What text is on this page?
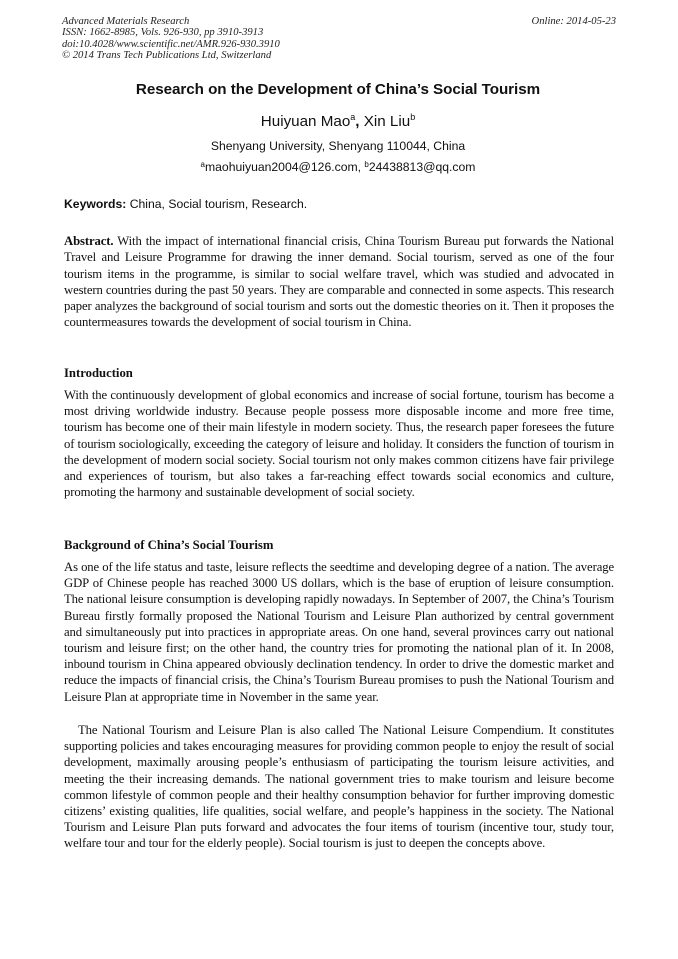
Advanced Materials Research	Online: 2014-05-23
ISSN: 1662-8985, Vols. 926-930, pp 3910-3913
doi:10.4028/www.scientific.net/AMR.926-930.3910
© 2014 Trans Tech Publications Ltd, Switzerland
Research on the Development of China’s Social Tourism
Huiyuan Mao$^a$, Xin Liu$^b$
Shenyang University, Shenyang 110044, China
$^a$maohuiyuan2004@126.com, $^b$24438813@qq.com
Keywords: China, Social tourism, Research.
Abstract. With the impact of international financial crisis, China Tourism Bureau put forwards the National Travel and Leisure Programme for drawing the inner demand. Social tourism, served as one of the four tourism items in the programme, is similar to social welfare travel, which was studied and advocated in western countries during the past 50 years. They are comparable and connected in some aspects. This research paper analyzes the background of social tourism and sorts out the domestic theories on it. Then it proposes the countermeasures towards the development of social tourism in China.
Introduction

With the continuously development of global economics and increase of social fortune, tourism has become a most driving worldwide industry. Because people possess more disposable income and more free time, tourism has become one of their main lifestyle in modern society. Thus, the research paper foresees the future of tourism sociologically, exceeding the category of leisure and holiday. It considers the function of tourism in the development of modern social society. Social tourism not only makes common citizens have fair privilege and experiences of tourism, but also takes a far-reaching effect towards social economics and culture, promoting the harmony and sustainable development of social society.

Background of China’s Social Tourism

As one of the life status and taste, leisure reflects the seedtime and developing degree of a nation. The average GDP of Chinese people has reached 3000 US dollars, which is the base of eruption of leisure consumption. The national leisure consumption is developing rapidly nowadays. In September of 2007, the China’s Tourism Bureau firstly formally proposed the National Tourism and Leisure Plan authorized by central government and simultaneously put into practices in appropriate areas. On one hand, several provinces carry out national tourism and leisure first; on the other hand, the country tries for promoting the national plan of it. In 2008, inbound tourism in China appeared obviously declination tendency. In order to drive the domestic market and reduce the impacts of financial crisis, the China’s Tourism Bureau promises to push the National Tourism and Leisure Plan at appropriate time in November in the same year.

The National Tourism and Leisure Plan is also called The National Leisure Compendium. It constitutes supporting policies and takes encouraging measures for providing common people to enjoy the result of social development, maximally arousing people’s enthusiasm of participating the tourism leisure activities, and meeting the their increasing demands. The national government tries to make tourism and leisure become common lifestyle of common people and their healthy consumption behavior for further improving domestic citizens’ existing qualities, life qualities, social welfare, and people’s happiness in the society. The National Tourism and Leisure Plan puts forward and advocates the four items of tourism (incentive tour, study tour, welfare tour and tour for the elderly people). Social tourism is just to deepen the concepts above.
